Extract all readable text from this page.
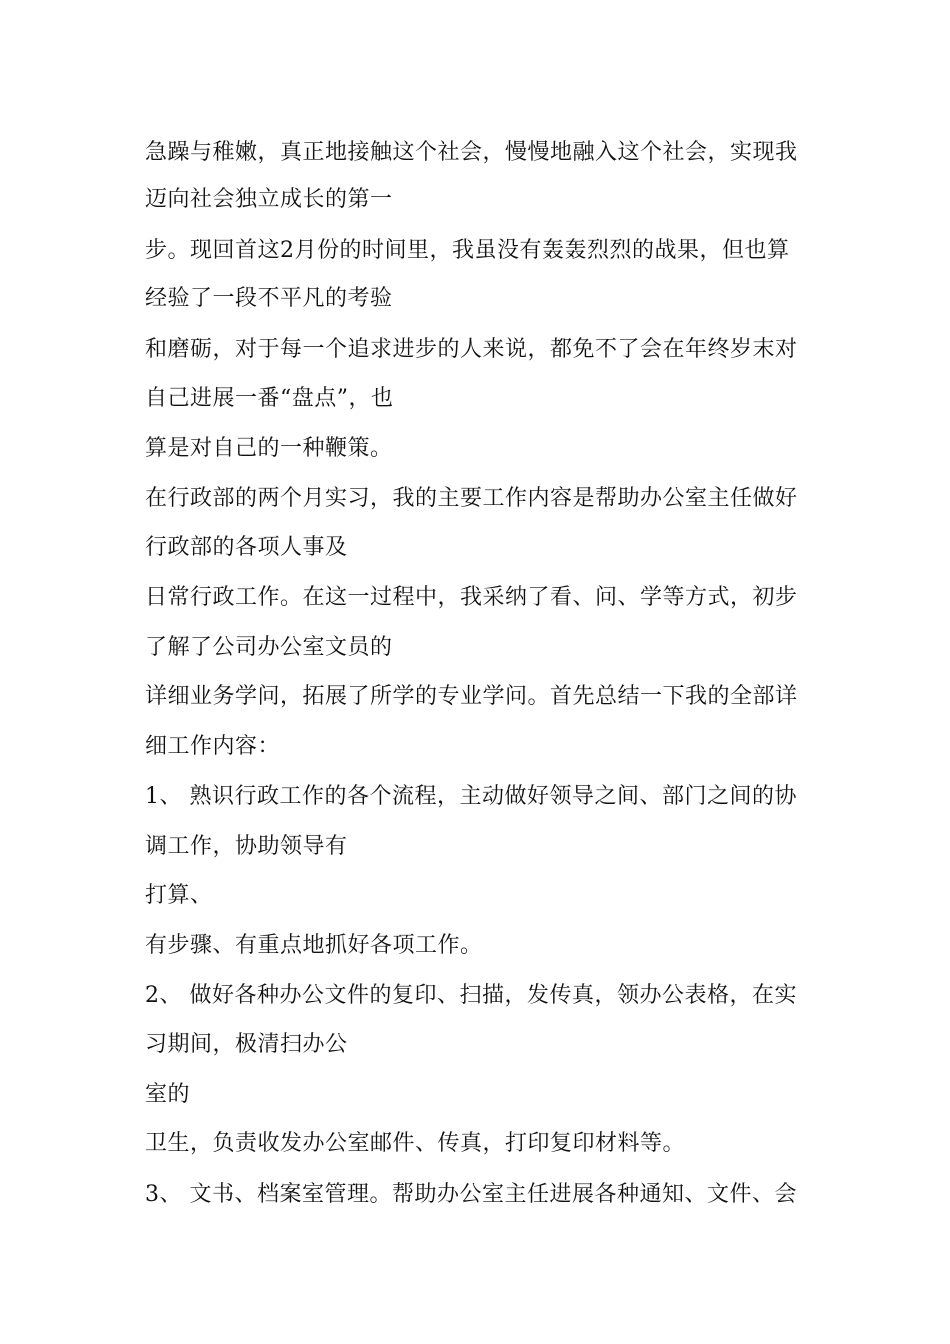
急躁与稚嫩，真正地接触这个社会，慢慢地融入这个社会，实现我
迈向社会独立成长的第一
步。现回首这2月份的时间里，我虽没有轰轰烈烈的战果，但也算
经验了一段不平凡的考验
和磨砺，对于每一个追求进步的人来说，都免不了会在年终岁末对
自己进展一番“盘点”，也
算是对自己的一种鞭策。
在行政部的两个月实习，我的主要工作内容是帮助办公室主任做好
行政部的各项人事及
日常行政工作。在这一过程中，我采纳了看、问、学等方式，初步
了解了公司办公室文员的
详细业务学问，拓展了所学的专业学问。首先总结一下我的全部详
细工作内容：
1、 熟识行政工作的各个流程，主动做好领导之间、部门之间的协
调工作，协助领导有
打算、
有步骤、有重点地抓好各项工作。
2、 做好各种办公文件的复印、扫描，发传真，领办公表格，在实
习期间，极清扫办公
室的
卫生，负责收发办公室邮件、传真，打印复印材料等。
3、 文书、档案室管理。帮助办公室主任进展各种通知、文件、会
